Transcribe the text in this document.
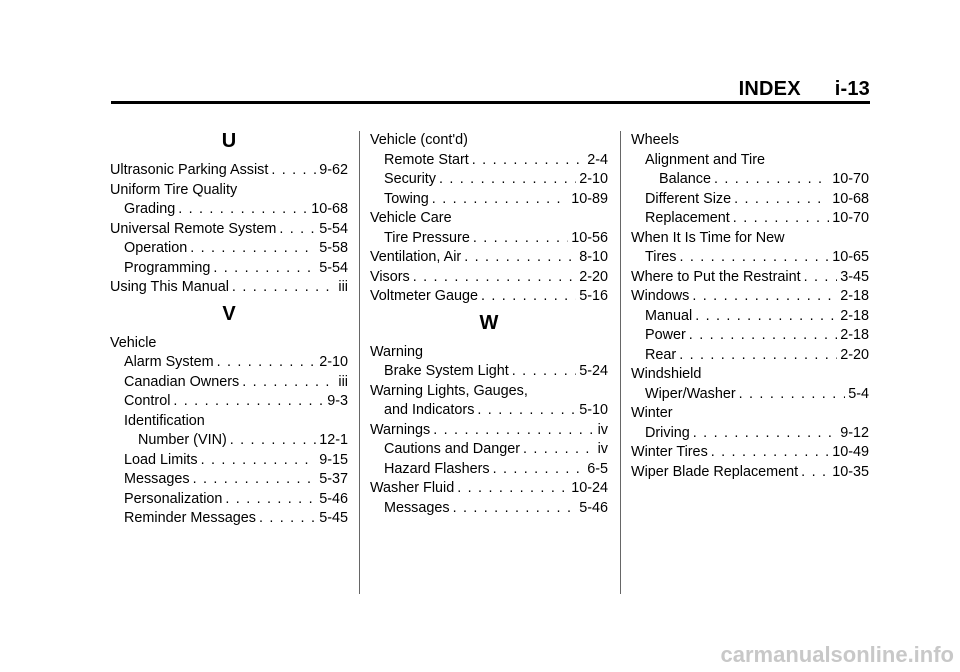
INDEX i-13
U
Ultrasonic Parking Assist . . .	9-62
Uniform Tire Quality
Grading . . .	10-68
Universal Remote System . . .	5-54
Operation . . .	5-58
Programming . . .	5-54
Using This Manual . . .	iii
V
Vehicle
Alarm System . . .	2-10
Canadian Owners . . .	iii
Control . . .	9-3
Identification
Number (VIN) . . .	12-1
Load Limits . . .	9-15
Messages . . .	5-37
Personalization . . .	5-46
Reminder Messages . . .	5-45
Vehicle (cont'd)
Remote Start . . .	2-4
Security . . .	2-10
Towing . . .	10-89
Vehicle Care
Tire Pressure . . .	10-56
Ventilation, Air . . .	8-10
Visors . . .	2-20
Voltmeter Gauge . . .	5-16
W
Warning
Brake System Light . . .	5-24
Warning Lights, Gauges,
and Indicators . . .	5-10
Warnings . . .	iv
Cautions and Danger . . .	iv
Hazard Flashers . . .	6-5
Washer Fluid . . .	10-24
Messages . . .	5-46
Wheels
Alignment and Tire
Balance . . .	10-70
Different Size . . .	10-68
Replacement . . .	10-70
When It Is Time for New
Tires . . .	10-65
Where to Put the Restraint . . .	3-45
Windows . . .	2-18
Manual . . .	2-18
Power . . .	2-18
Rear . . .	2-20
Windshield
Wiper/Washer . . .	5-4
Winter
Driving . . .	9-12
Winter Tires . . .	10-49
Wiper Blade Replacement . . . 10-35
carmanualsonline.info
